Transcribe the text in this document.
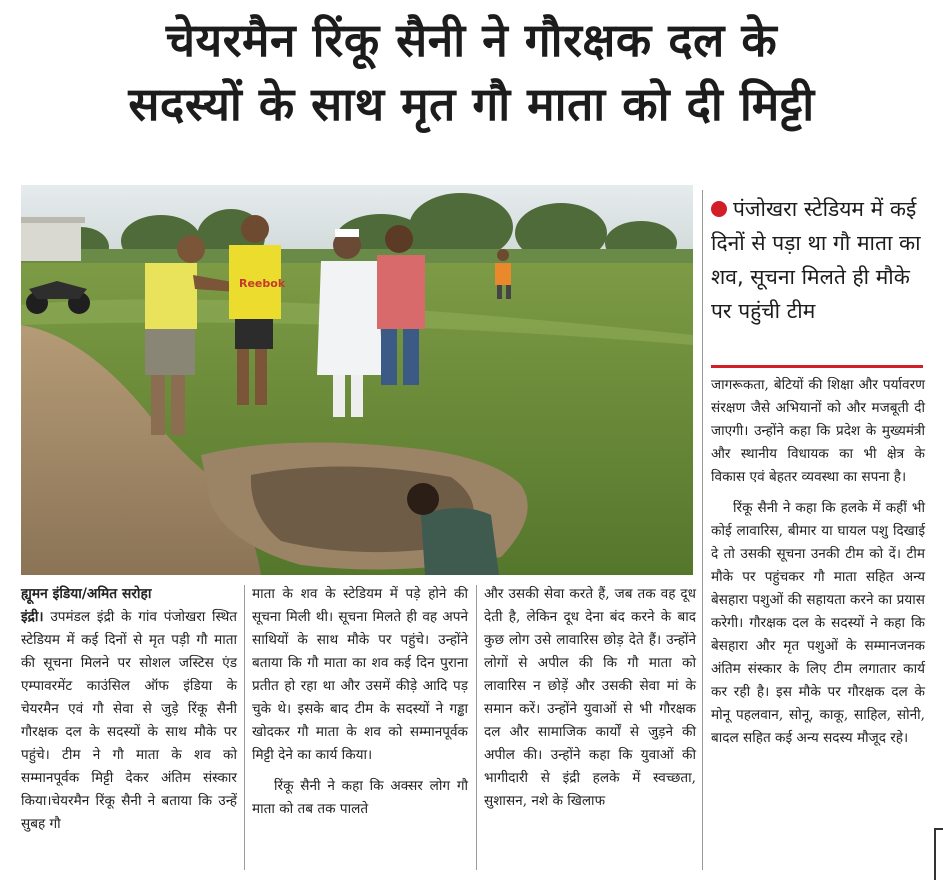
चेयरमैन रिंकू सैनी ने गौरक्षक दल के
सदस्यों के साथ मृत गौ माता को दी मिट्टी
Reebok

पंजोखरा स्टेडियम में कई दिनों से पड़ा था गौ माता का शव, सूचना मिलते ही मौके पर पहुंची टीम

ह्यूमन इंडिया/अमित सरोहा

इंद्री। उपमंडल इंद्री के गांव पंजोखरा स्थित स्टेडियम में कई दिनों से मृत पड़ी गौ माता की सूचना मिलने पर सोशल जस्टिस एंड एम्पावरमेंट काउंसिल ऑफ इंडिया के चेयरमैन एवं गौ सेवा से जुड़े रिंकू सैनी गौरक्षक दल के सदस्यों के साथ मौके पर पहुंचे। टीम ने गौ माता के शव को सम्मानपूर्वक मिट्टी देकर अंतिम संस्कार किया।चेयरमैन रिंकू सैनी ने बताया कि उन्हें सुबह गौ

माता के शव के स्टेडियम में पड़े होने की सूचना मिली थी। सूचना मिलते ही वह अपने साथियों के साथ मौके पर पहुंचे। उन्होंने बताया कि गौ माता का शव कई दिन पुराना प्रतीत हो रहा था और उसमें कीड़े आदि पड़ चुके थे। इसके बाद टीम के सदस्यों ने गड्ढा खोदकर गौ माता के शव को सम्मानपूर्वक मिट्टी देने का कार्य किया।

रिंकू सैनी ने कहा कि अक्सर लोग गौ माता को तब तक पालते

और उसकी सेवा करते हैं, जब तक वह दूध देती है, लेकिन दूध देना बंद करने के बाद कुछ लोग उसे लावारिस छोड़ देते हैं। उन्होंने लोगों से अपील की कि गौ माता को लावारिस न छोड़ें और उसकी सेवा मां के समान करें। उन्होंने युवाओं से भी गौरक्षक दल और सामाजिक कार्यों से जुड़ने की अपील की। उन्होंने कहा कि युवाओं की भागीदारी से इंद्री हलके में स्वच्छता, सुशासन, नशे के खिलाफ

जागरूकता, बेटियों की शिक्षा और पर्यावरण संरक्षण जैसे अभियानों को और मजबूती दी जाएगी। उन्होंने कहा कि प्रदेश के मुख्यमंत्री और स्थानीय विधायक का भी क्षेत्र के विकास एवं बेहतर व्यवस्था का सपना है।

रिंकू सैनी ने कहा कि हलके में कहीं भी कोई लावारिस, बीमार या घायल पशु दिखाई दे तो उसकी सूचना उनकी टीम को दें। टीम मौके पर पहुंचकर गौ माता सहित अन्य बेसहारा पशुओं की सहायता करने का प्रयास करेगी। गौरक्षक दल के सदस्यों ने कहा कि बेसहारा और मृत पशुओं के सम्मानजनक अंतिम संस्कार के लिए टीम लगातार कार्य कर रही है। इस मौके पर गौरक्षक दल के मोनू पहलवान, सोनू, काकू, साहिल, सोनी, बादल सहित कई अन्य सदस्य मौजूद रहे।
